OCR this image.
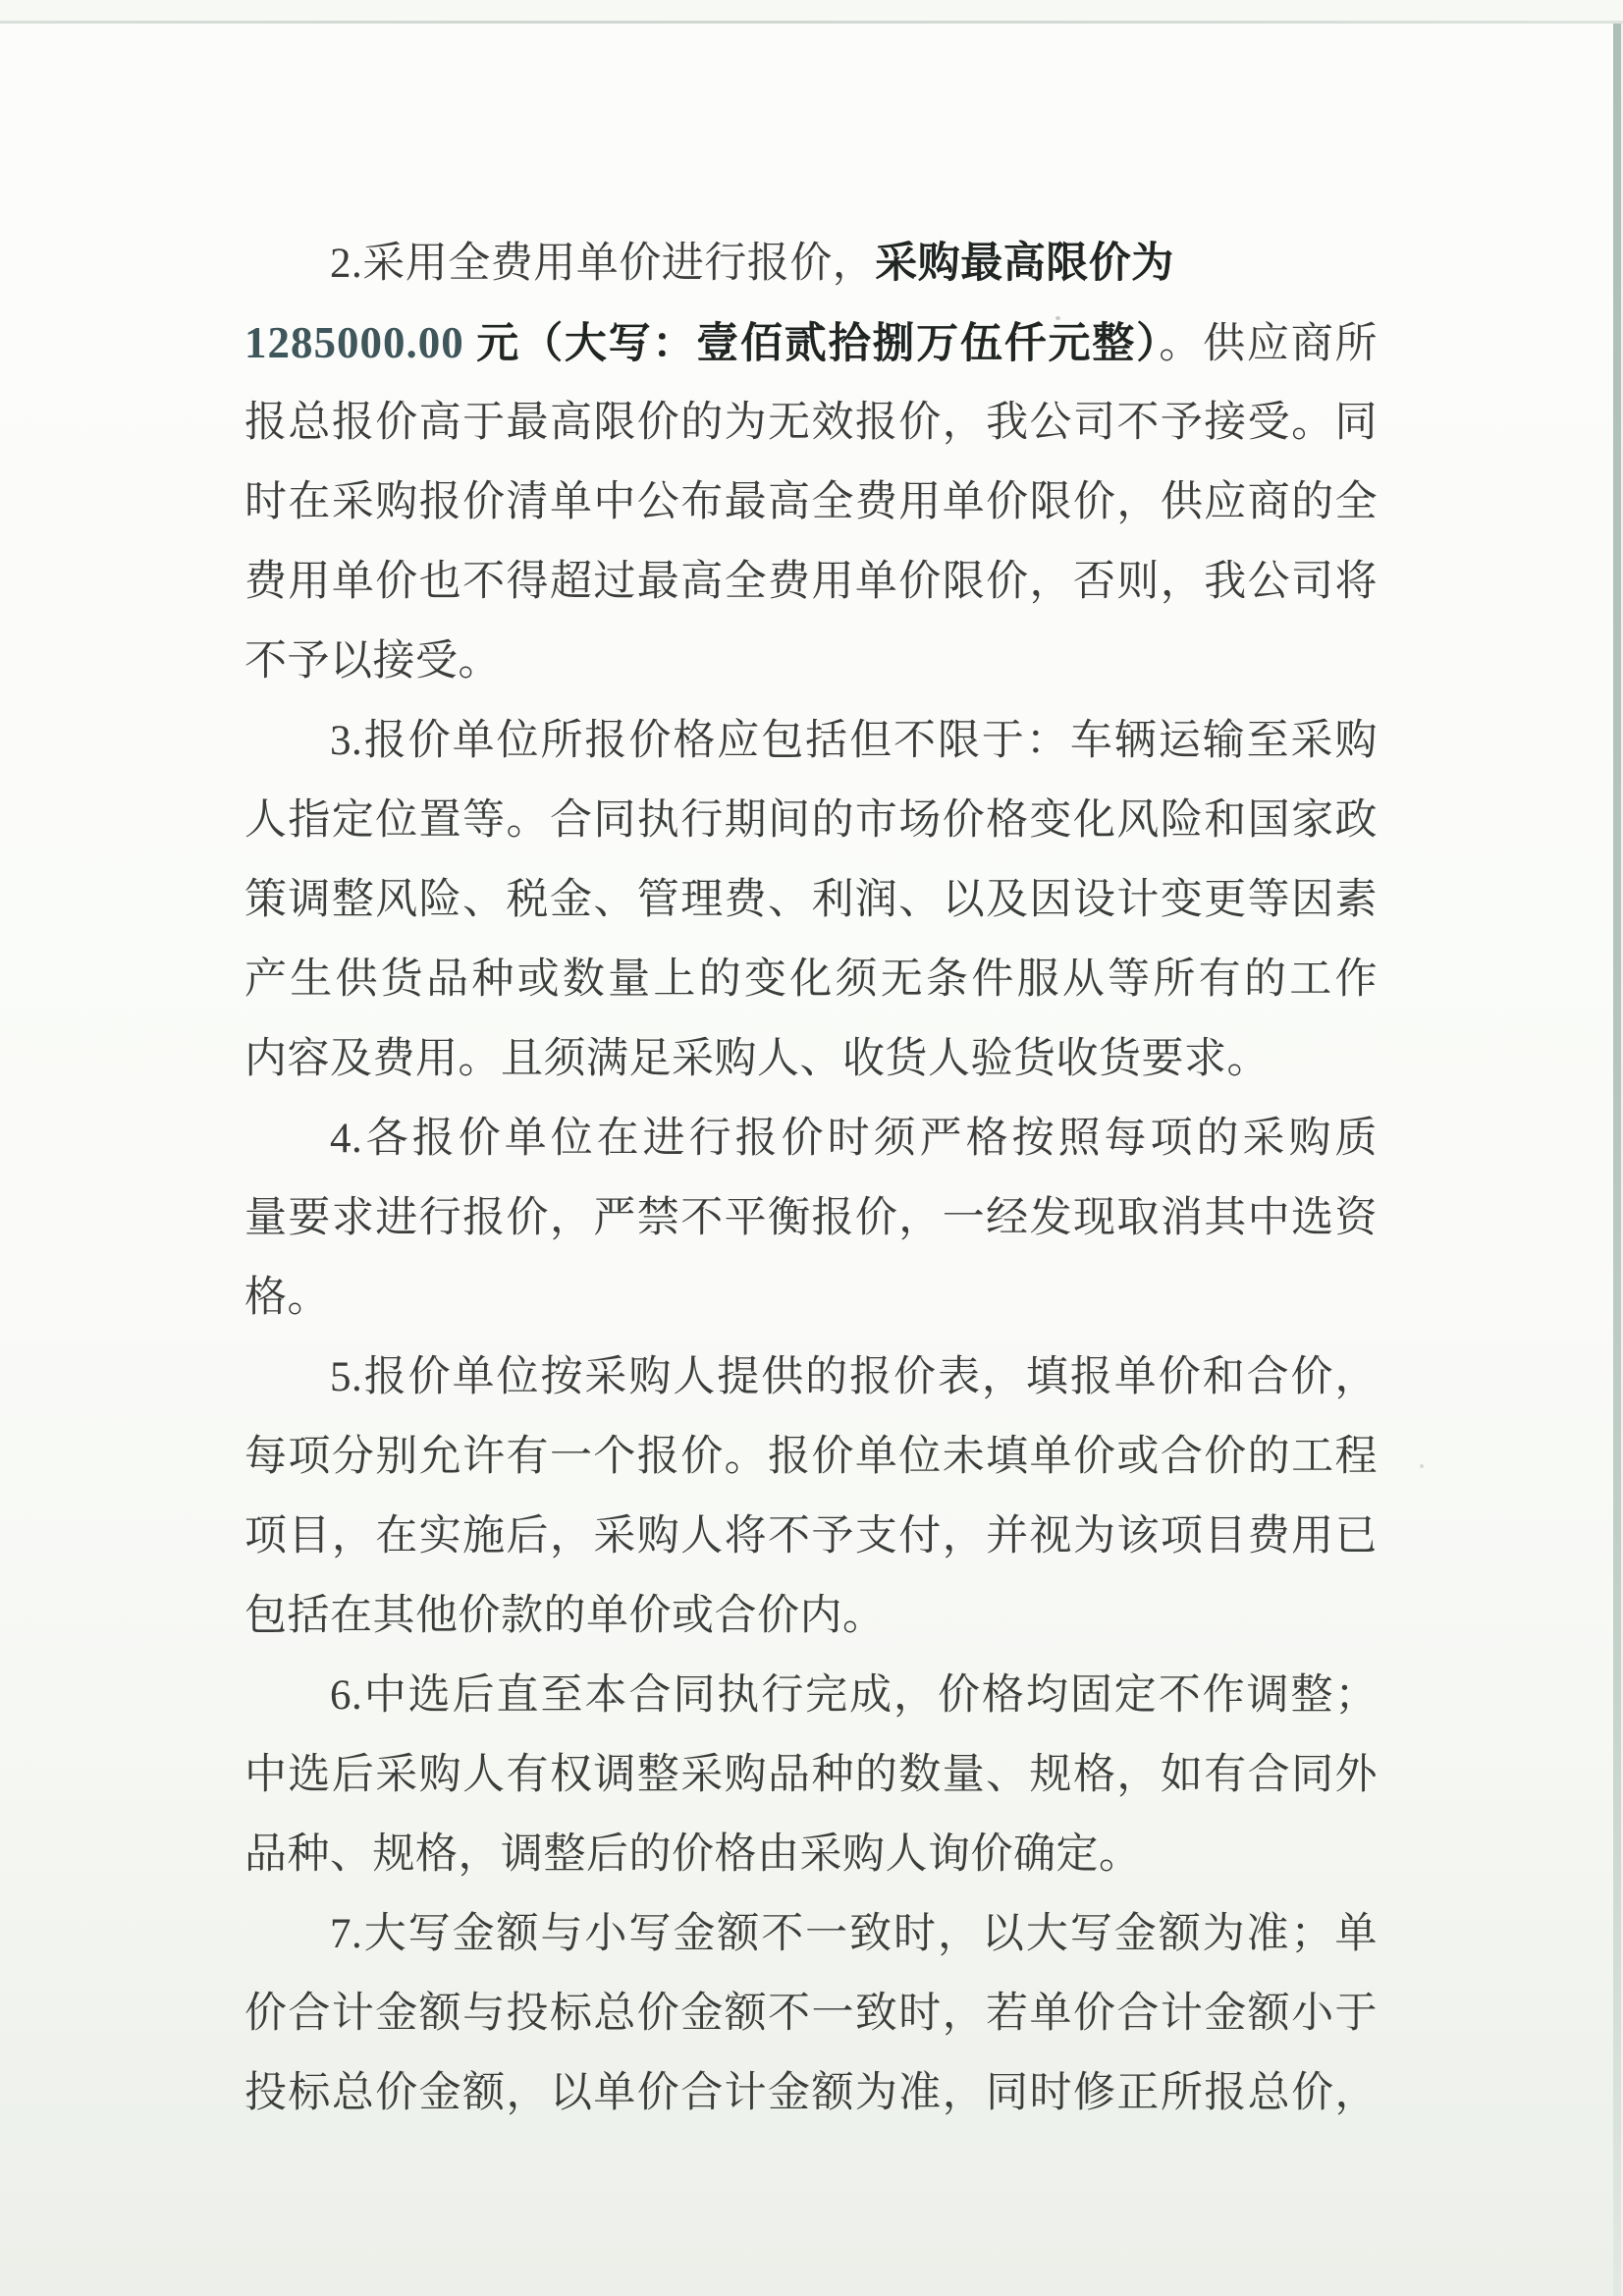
2.采用全费用单价进行报价，采购最高限价为
1285000.00 元（大写：壹佰贰拾捌万伍仟元整）。供应商所
报总报价高于最高限价的为无效报价，我公司不予接受。同
时在采购报价清单中公布最高全费用单价限价，供应商的全
费用单价也不得超过最高全费用单价限价，否则，我公司将
不予以接受。
3.报价单位所报价格应包括但不限于：车辆运输至采购
人指定位置等。合同执行期间的市场价格变化风险和国家政
策调整风险、税金、管理费、利润、以及因设计变更等因素
产生供货品种或数量上的变化须无条件服从等所有的工作
内容及费用。且须满足采购人、收货人验货收货要求。
4.各报价单位在进行报价时须严格按照每项的采购质
量要求进行报价，严禁不平衡报价，一经发现取消其中选资
格。
5.报价单位按采购人提供的报价表，填报单价和合价，
每项分别允许有一个报价。报价单位未填单价或合价的工程
项目，在实施后，采购人将不予支付，并视为该项目费用已
包括在其他价款的单价或合价内。
6.中选后直至本合同执行完成，价格均固定不作调整；
中选后采购人有权调整采购品种的数量、规格，如有合同外
品种、规格，调整后的价格由采购人询价确定。
7.大写金额与小写金额不一致时，以大写金额为准；单
价合计金额与投标总价金额不一致时，若单价合计金额小于
投标总价金额，以单价合计金额为准，同时修正所报总价，
